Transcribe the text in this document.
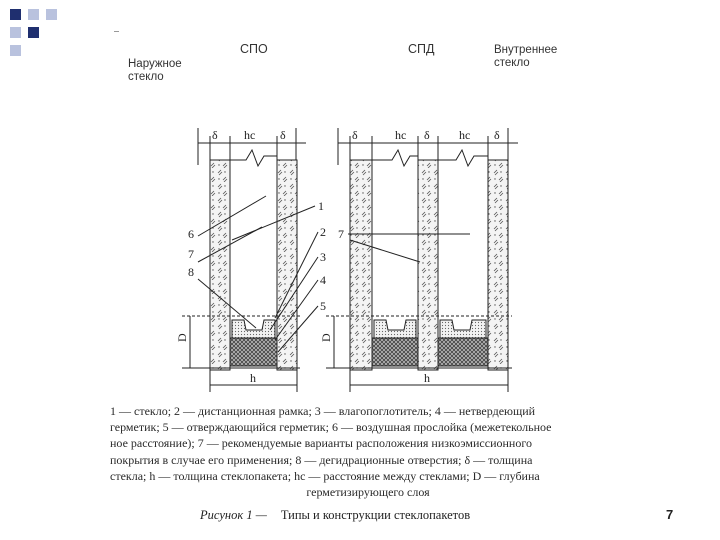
СПО	СПД
Наружное
стекло
Внутреннее
стекло
δ hс δ	δ	hс δ hс δ
1
2
3
4
5
6
7
8
7
D	D
h	h
1 — стекло; 2 — дистанционная рамка; 3 — влагопоглотитель; 4 — нетвердеющий
герметик; 5 — отверждающийся герметик; 6 — воздушная прослойка (межетекольное
ное расстояние); 7 — рекомендуемые варианты расположения низкоэмиссионного
покрытия в случае его применения; 8 — дегидрационные отверстия; δ — толщина
стекла; h — толщина стеклопакета; hс — расстояние между стеклами; D — глубина
герметизирующего слоя
Рисунок 1 — Типы и конструкции стеклопакетов	7
